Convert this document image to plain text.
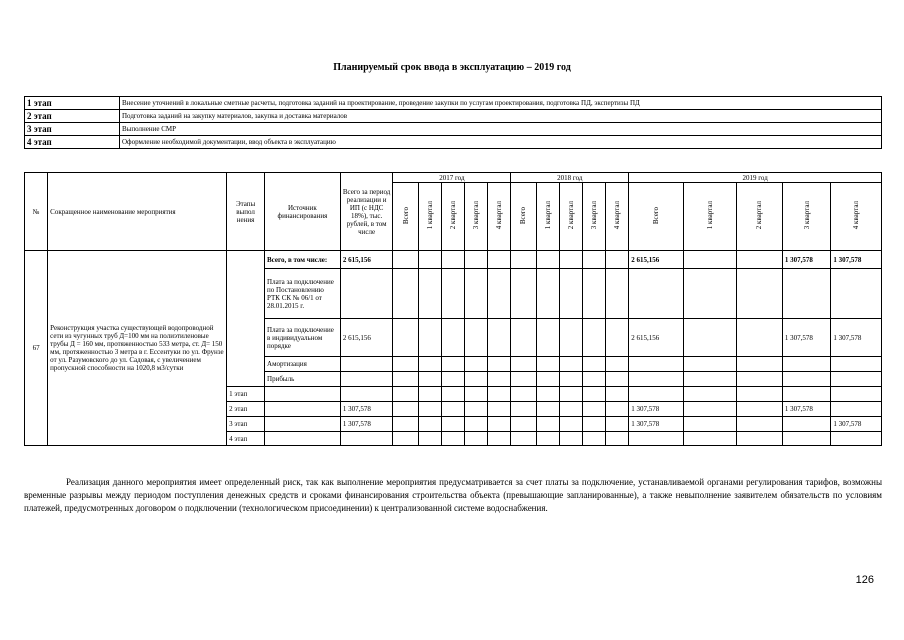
Планируемый срок ввода в эксплуатацию – 2019 год
1 этап	Внесение уточнений в локальные сметные расчеты, подготовка заданий на проектирование, проведение закупки по услугам проектирования, подготовка ПД, экспертизы ПД
2 этап	Подготовка заданий на закупку материалов, закупка и доставка материалов
3 этап	Выполнение СМР
4 этап	Оформление необходимой документации, ввод объекта в эксплуатацию
№	Сокращенное наименование мероприятия	Этапы выпол нения	Источник финансирования	Всего за период реализации и ИП (с НДС 18%), тыс. рублей, в том числе	2017 год					2018 год					2019 год				
					Всего	1 квартал	2 квартал	3 квартал	4 квартал	Всего	1 квартал	2 квартал	3 квартал	4 квартал	Всего	1 квартал	2 квартал	3 квартал	4 квартал
67	Реконструкция участка существующей водопроводной сети из чугунных труб Д=100 мм на полиэтиленовые трубы Д = 160 мм, протяженностью 533 метра, ст. Д= 150 мм, протяженностью 3 метра в г. Ессентуки по ул. Фрунзе от ул. Разумовского до ул. Садовая, с увеличением пропускной способности на 1020,8 м3/сутки		Всего, в том числе:	2 615,156											2 615,156			1 307,578	1 307,578
			Плата за подключение по Постановлению РТК СК № 06/1 от 28.01.2015 г.																
			Плата за подключение в индивидуальном порядке	2 615,156											2 615,156			1 307,578	1 307,578
			Амортизация																
			Прибыль																
		1 этап																	
		2 этап		1 307,578											1 307,578			1 307,578	
		3 этап		1 307,578											1 307,578				1 307,578
		4 этап																	
Реализация данного мероприятия имеет определенный риск, так как выполнение мероприятия предусматривается за счет платы за подключение, устанавливаемой органами регулирования тарифов, возможны временные разрывы между периодом поступления денежных средств и сроками финансирования строительства объекта (превышающие запланированные), а также невыполнение заявителем обязательств по условиям платежей, предусмотренных договором о подключении (технологическом присоединении) к централизованной системе водоснабжения.
126
